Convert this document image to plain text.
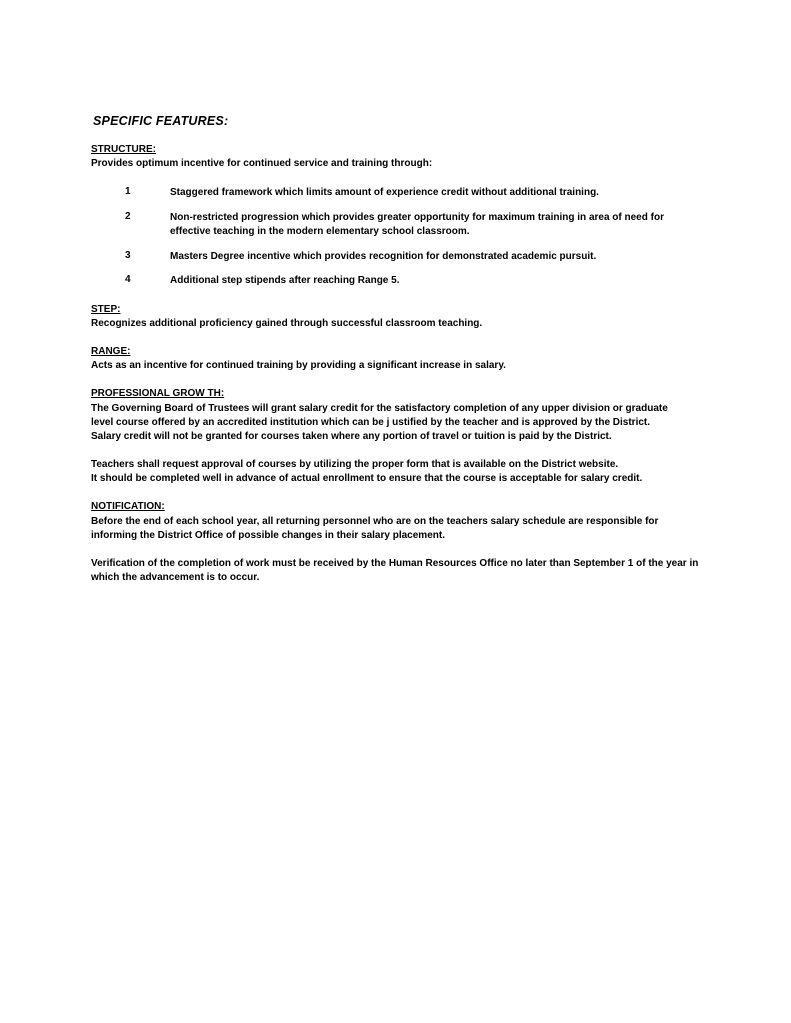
SPECIFIC FEATURES:
STRUCTURE:
Provides optimum incentive for continued service and training through:
1	Staggered framework which limits amount of experience credit without additional training.
2	Non-restricted progression which provides greater opportunity for maximum training in area of need for
effective teaching in the modern elementary school classroom.
3	Masters Degree incentive which provides recognition for demonstrated academic pursuit.
4	Additional step stipends after reaching Range 5.
STEP:
Recognizes additional proficiency gained through successful classroom teaching.
RANGE:
Acts as an incentive for continued training by providing a significant increase in salary.
PROFESSIONAL GROW TH:
The Governing Board of Trustees will grant salary credit for the satisfactory completion of any upper division or graduate
level course offered by an accredited institution which can be j ustified by the teacher and is approved by the District.
Salary credit will not be granted for courses taken where any portion of travel or tuition is paid by the District.
Teachers shall request approval of courses by utilizing the proper form that is available on the District website.
It should be completed well in advance of actual enrollment to ensure that the course is acceptable for salary credit.
NOTIFICATION:
Before the end of each school year, all returning personnel who are on the teachers salary schedule are responsible for
informing the District Office of possible changes in their salary placement.
Verification of the completion of work must be received by the Human Resources Office no later than September 1 of the year in
which the advancement is to occur.
